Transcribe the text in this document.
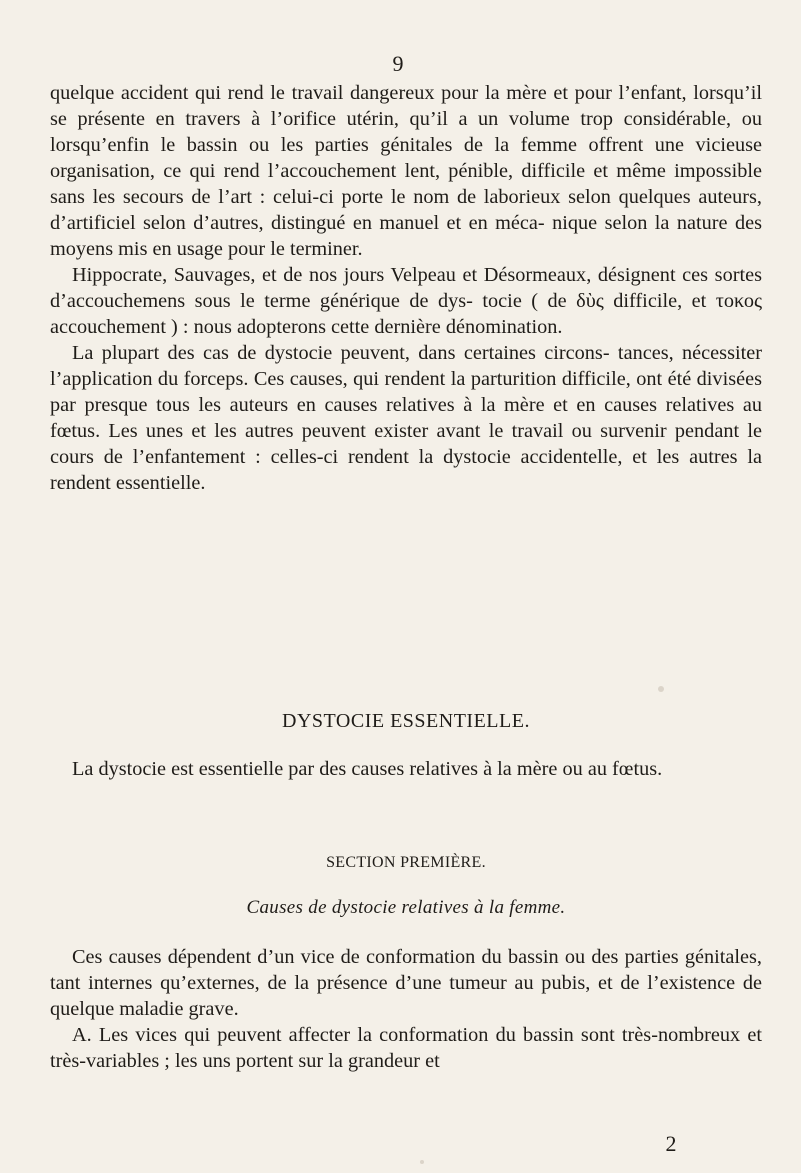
9

quelque accident qui rend le travail dangereux pour la mère et pour l’enfant, lorsqu’il se présente en travers à l’orifice utérin, qu’il a un volume trop considérable, ou lorsqu’enfin le bassin ou les parties génitales de la femme offrent une vicieuse organisation, ce qui rend l’accouchement lent, pénible, difficile et même impossible sans les secours de l’art : celui-ci porte le nom de laborieux selon quelques auteurs, d’artificiel selon d’autres, distingué en manuel et en méca- nique selon la nature des moyens mis en usage pour le terminer.

Hippocrate, Sauvages, et de nos jours Velpeau et Désormeaux, désignent ces sortes d’accouchemens sous le terme générique de dys- tocie ( de δὺς difficile, et τοκος accouchement ) : nous adopterons cette dernière dénomination.

La plupart des cas de dystocie peuvent, dans certaines circons- tances, nécessiter l’application du forceps. Ces causes, qui rendent la parturition difficile, ont été divisées par presque tous les auteurs en causes relatives à la mère et en causes relatives au fœtus. Les unes et les autres peuvent exister avant le travail ou survenir pendant le cours de l’enfantement : celles-ci rendent la dystocie accidentelle, et les autres la rendent essentielle.

DYSTOCIE ESSENTIELLE.

La dystocie est essentielle par des causes relatives à la mère ou au fœtus.

SECTION PREMIÈRE.
Causes de dystocie relatives à la femme.

Ces causes dépendent d’un vice de conformation du bassin ou des parties génitales, tant internes qu’externes, de la présence d’une tumeur au pubis, et de l’existence de quelque maladie grave.

A. Les vices qui peuvent affecter la conformation du bassin sont très-nombreux et très-variables ; les uns portent sur la grandeur et

2
